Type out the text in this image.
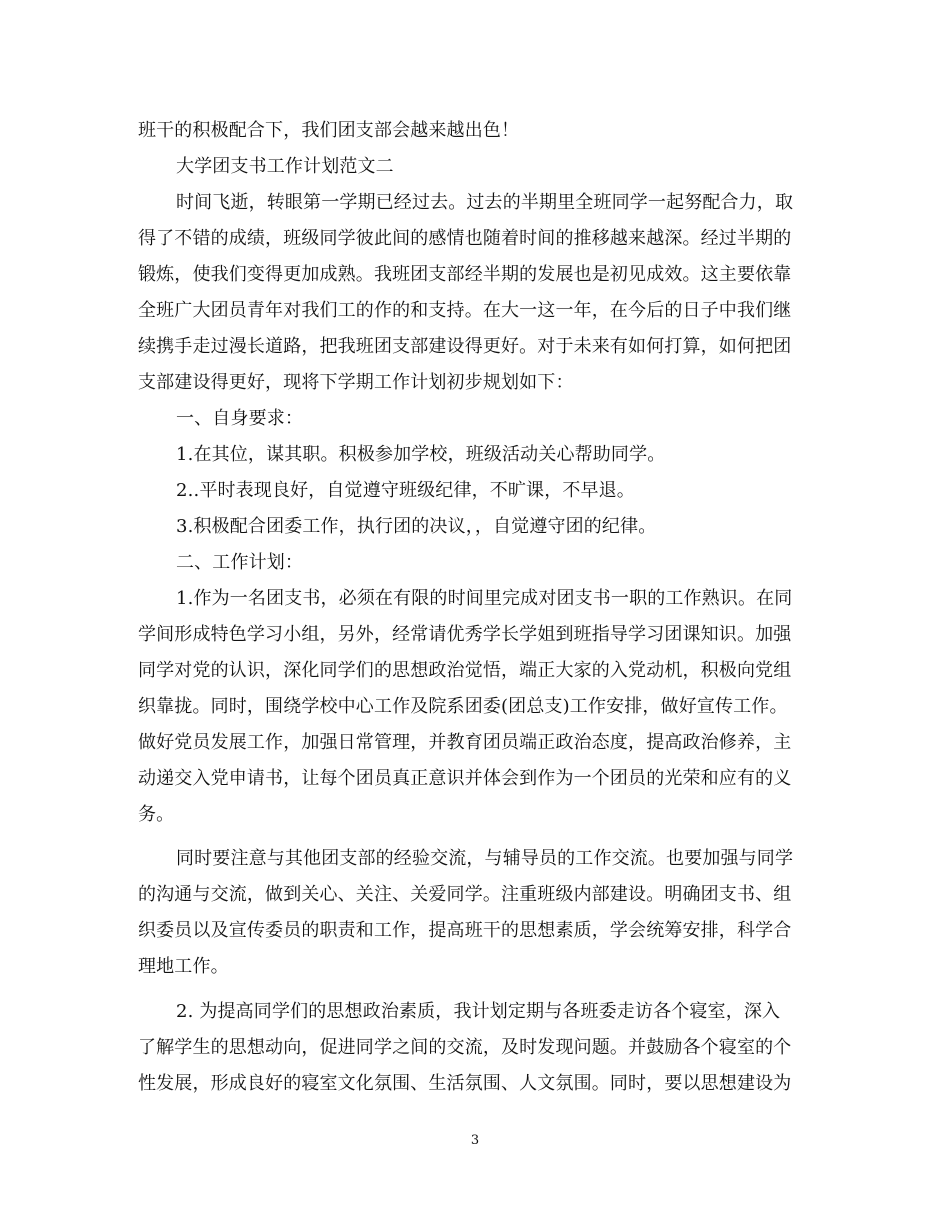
班干的积极配合下，我们团支部会越来越出色！
大学团支书工作计划范文二
时间飞逝，转眼第一学期已经过去。过去的半期里全班同学一起努配合力，取
得了不错的成绩，班级同学彼此间的感情也随着时间的推移越来越深。经过半期的
锻炼，使我们变得更加成熟。我班团支部经半期的发展也是初见成效。这主要依靠
全班广大团员青年对我们工的作的和支持。在大一这一年，在今后的日子中我们继
续携手走过漫长道路，把我班团支部建设得更好。对于未来有如何打算，如何把团
支部建设得更好，现将下学期工作计划初步规划如下：
一、自身要求：
1.在其位，谋其职。积极参加学校，班级活动关心帮助同学。
2..平时表现良好，自觉遵守班级纪律，不旷课，不早退。
3.积极配合团委工作，执行团的决议，，自觉遵守团的纪律。
二、工作计划：
1.作为一名团支书，必须在有限的时间里完成对团支书一职的工作熟识。在同
学间形成特色学习小组，另外，经常请优秀学长学姐到班指导学习团课知识。加强
同学对党的认识，深化同学们的思想政治觉悟，端正大家的入党动机，积极向党组
织靠拢。同时，围绕学校中心工作及院系团委(团总支)工作安排，做好宣传工作。
做好党员发展工作，加强日常管理，并教育团员端正政治态度，提高政治修养，主
动递交入党申请书，让每个团员真正意识并体会到作为一个团员的光荣和应有的义
务。
同时要注意与其他团支部的经验交流，与辅导员的工作交流。也要加强与同学
的沟通与交流，做到关心、关注、关爱同学。注重班级内部建设。明确团支书、组
织委员以及宣传委员的职责和工作，提高班干的思想素质，学会统筹安排，科学合
理地工作。
2. 为提高同学们的思想政治素质，我计划定期与各班委走访各个寝室，深入
了解学生的思想动向，促进同学之间的交流，及时发现问题。并鼓励各个寝室的个
性发展，形成良好的寝室文化氛围、生活氛围、人文氛围。同时，要以思想建设为
3
